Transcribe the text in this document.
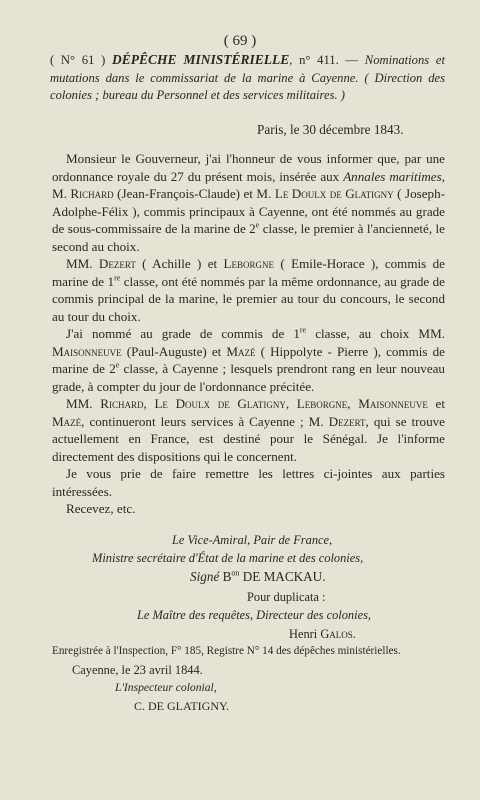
( 69 )
( N° 61 ) DÉPÊCHE MINISTÉRIELLE, n° 411. — Nominations et mutations dans le commissariat de la marine à Cayenne. ( Direction des colonies ; bureau du Personnel et des services militaires. )
Paris, le 30 décembre 1843.

Monsieur le Gouverneur, j'ai l'honneur de vous informer que, par une ordonnance royale du 27 du présent mois, insérée aux Annales maritimes, M. Richard (Jean-François-Claude) et M. Le Doulx de Glatigny ( Joseph-Adolphe-Félix ), commis principaux à Cayenne, ont été nommés au grade de sous-commissaire de la marine de 2e classe, le premier à l'ancienneté, le second au choix.

MM. Dezert ( Achille ) et Leborgne ( Emile-Horace ), commis de marine de 1re classe, ont été nommés par la même ordonnance, au grade de commis principal de la marine, le premier au tour du concours, le second au tour du choix.

J'ai nommé au grade de commis de 1re classe, au choix MM. Maisonneuve (Paul-Auguste) et Mazé ( Hippolyte - Pierre ), commis de marine de 2e classe, à Cayenne ; lesquels prendront rang en leur nouveau grade, à compter du jour de l'ordonnance précitée.

MM. Richard, Le Doulx de Glatigny, Leborgne, Maisonneuve et Mazé, continueront leurs services à Cayenne ; M. Dezert, qui se trouve actuellement en France, est destiné pour le Sénégal. Je l'informe directement des dispositions qui le concernent.

Je vous prie de faire remettre les lettres ci-jointes aux parties intéressées.

Recevez, etc.

Le Vice-Amiral, Pair de France,
Ministre secrétaire d'État de la marine et des colonies,
Signé $B^{on}$ DE MACKAU.
Pour duplicata :
Le Maître des requêtes, Directeur des colonies,
Henri Galos.
Enregistrée à l'Inspection, F° 185, Registre N° 14 des dépêches ministérielles.
Cayenne, le 23 avril 1844.
L'Inspecteur colonial,
C. DE GLATIGNY.
